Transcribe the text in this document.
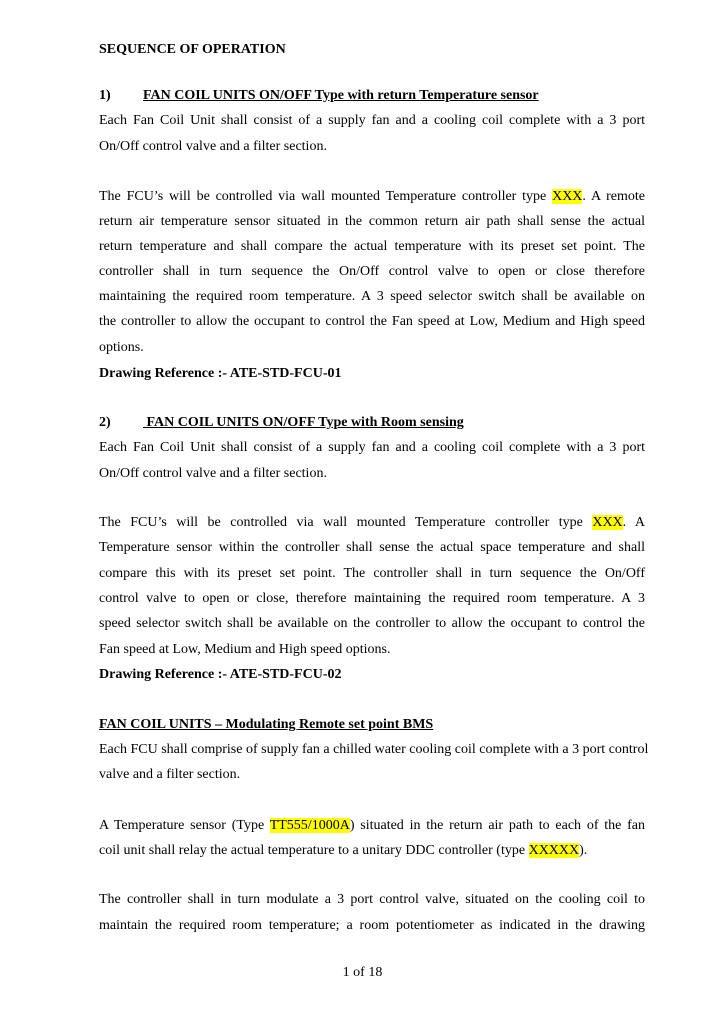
SEQUENCE OF OPERATION
1) FAN COIL UNITS ON/OFF Type with return Temperature sensor
Each Fan Coil Unit shall consist of a supply fan and a cooling coil complete with a 3 port
On/Off control valve and a filter section.
The FCU’s will be controlled via wall mounted Temperature controller type XXX. A remote
return air temperature sensor situated in the common return air path shall sense the actual
return temperature and shall compare the actual temperature with its preset set point. The
controller shall in turn sequence the On/Off control valve to open or close therefore
maintaining the required room temperature. A 3 speed selector switch shall be available on
the controller to allow the occupant to control the Fan speed at Low, Medium and High speed
options.
Drawing Reference :- ATE-STD-FCU-01
2) FAN COIL UNITS ON/OFF Type with Room sensing
Each Fan Coil Unit shall consist of a supply fan and a cooling coil complete with a 3 port
On/Off control valve and a filter section.
The FCU’s will be controlled via wall mounted Temperature controller type XXX. A
Temperature sensor within the controller shall sense the actual space temperature and shall
compare this with its preset set point. The controller shall in turn sequence the On/Off
control valve to open or close, therefore maintaining the required room temperature. A 3
speed selector switch shall be available on the controller to allow the occupant to control the
Fan speed at Low, Medium and High speed options.
Drawing Reference :- ATE-STD-FCU-02
FAN COIL UNITS – Modulating Remote set point BMS
Each FCU shall comprise of supply fan a chilled water cooling coil complete with a 3 port control
valve and a filter section.
A Temperature sensor (Type TT555/1000A) situated in the return air path to each of the fan
coil unit shall relay the actual temperature to a unitary DDC controller (type XXXXX).
The controller shall in turn modulate a 3 port control valve, situated on the cooling coil to
maintain the required room temperature; a room potentiometer as indicated in the drawing
1 of 18
